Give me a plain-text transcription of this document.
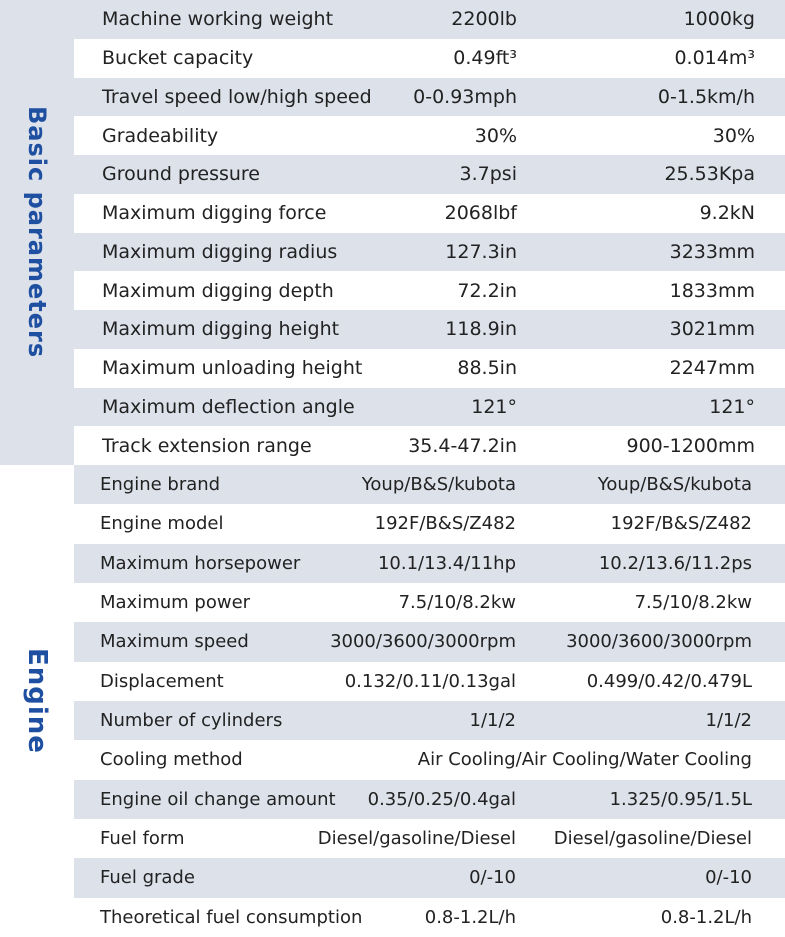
Basic parameters
Machine working weight	2200lb	1000kg
Bucket capacity	0.49ft³	0.014m³
Travel speed low/high speed 0-0.93mph	0-1.5km/h
Gradeability	30%	30%
Ground pressure	3.7psi	25.53Kpa
Maximum digging force	2068lbf	9.2kN
Maximum digging radius	127.3in	3233mm
Maximum digging depth	72.2in	1833mm
Maximum digging height	118.9in	3021mm
Maximum unloading height	88.5in	2247mm
Maximum deflection angle	121°	121°
Track extension range	35.4-47.2in	900-1200mm
Engine
Engine brand	Youp/B&S/kubota	Youp/B&S/kubota
Engine model	192F/B&S/Z482	192F/B&S/Z482
Maximum horsepower	10.1/13.4/11hp	10.2/13.6/11.2ps
Maximum power	7.5/10/8.2kw	7.5/10/8.2kw
Maximum speed	3000/3600/3000rpm	3000/3600/3000rpm
Displacement	0.132/0.11/0.13gal	0.499/0.42/0.479L
Number of cylinders	1/1/2	1/1/2
Cooling method	Air Cooling/Air Cooling/Water Cooling
Engine oil change amount 0.35/0.25/0.4gal	1.325/0.95/1.5L
Fuel form	Diesel/gasoline/Diesel Diesel/gasoline/Diesel
Fuel grade	0/-10	0/-10
Theoretical fuel consumption	0.8-1.2L/h	0.8-1.2L/h
